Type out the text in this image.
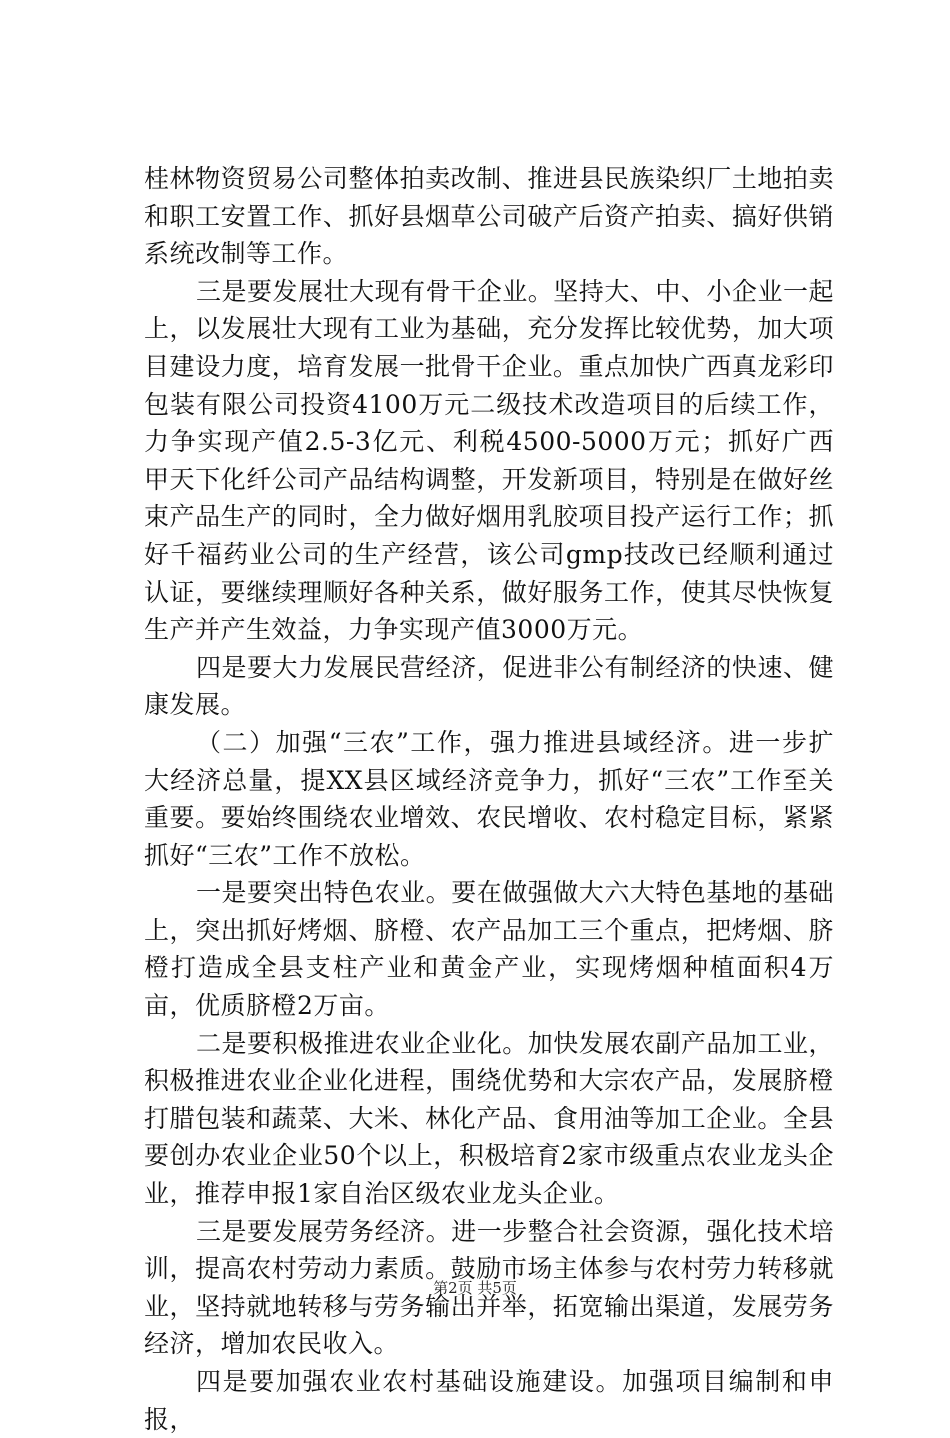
桂林物资贸易公司整体拍卖改制、推进县民族染织厂土地拍卖和职工安置工作、抓好县烟草公司破产后资产拍卖、搞好供销系统改制等工作。

三是要发展壮大现有骨干企业。坚持大、中、小企业一起上，以发展壮大现有工业为基础，充分发挥比较优势，加大项目建设力度，培育发展一批骨干企业。重点加快广西真龙彩印包装有限公司投资4100万元二级技术改造项目的后续工作，力争实现产值2.5-3亿元、利税4500-5000万元；抓好广西甲天下化纤公司产品结构调整，开发新项目，特别是在做好丝束产品生产的同时，全力做好烟用乳胶项目投产运行工作；抓好千福药业公司的生产经营，该公司gmp技改已经顺利通过认证，要继续理顺好各种关系，做好服务工作，使其尽快恢复生产并产生效益，力争实现产值3000万元。

四是要大力发展民营经济，促进非公有制经济的快速、健康发展。

（二）加强“三农”工作，强力推进县域经济。进一步扩大经济总量，提XX县区域经济竞争力，抓好“三农”工作至关重要。要始终围绕农业增效、农民增收、农村稳定目标，紧紧抓好“三农”工作不放松。

一是要突出特色农业。要在做强做大六大特色基地的基础上，突出抓好烤烟、脐橙、农产品加工三个重点，把烤烟、脐橙打造成全县支柱产业和黄金产业，实现烤烟种植面积4万亩，优质脐橙2万亩。

二是要积极推进农业企业化。加快发展农副产品加工业，积极推进农业企业化进程，围绕优势和大宗农产品，发展脐橙打腊包装和蔬菜、大米、林化产品、食用油等加工企业。全县要创办农业企业50个以上，积极培育2家市级重点农业龙头企业，推荐申报1家自治区级农业龙头企业。

三是要发展劳务经济。进一步整合社会资源，强化技术培训，提高农村劳动力素质。鼓励市场主体参与农村劳力转移就业，坚持就地转移与劳务输出并举，拓宽输出渠道，发展劳务经济，增加农民收入。

四是要加强农业农村基础设施建设。加强项目编制和申报，

第2页 共5页
